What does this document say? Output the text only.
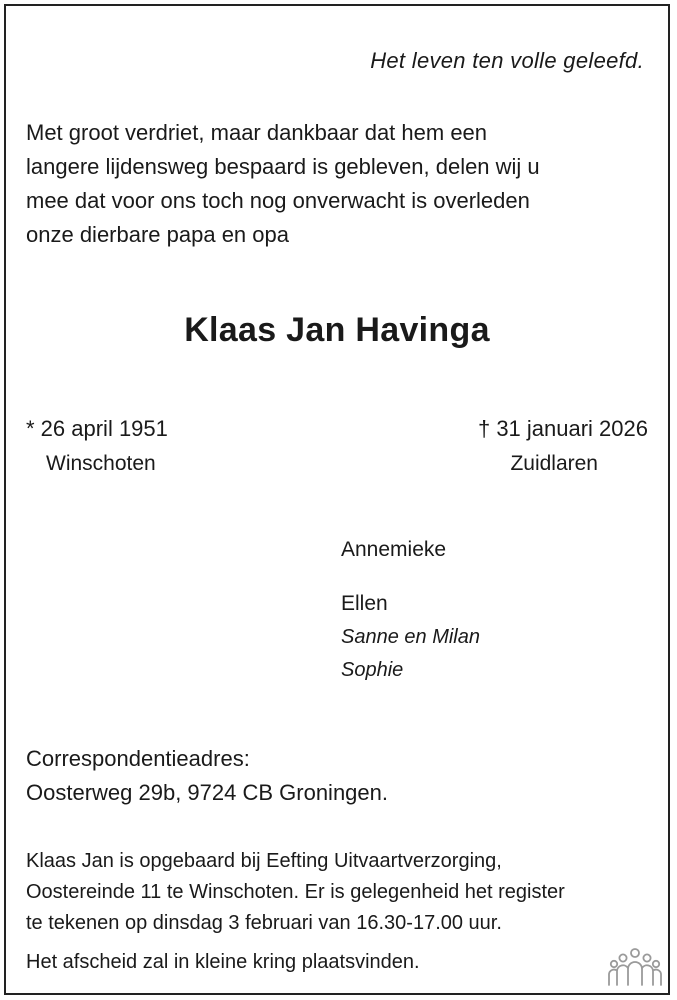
Het leven ten volle geleefd.
Met groot verdriet, maar dankbaar dat hem een
langere lijdensweg bespaard is gebleven, delen wij u
mee dat voor ons toch nog onverwacht is overleden
onze dierbare papa en opa
Klaas Jan Havinga
* 26 april 1951
Winschoten
† 31 januari 2026
Zuidlaren
Annemieke
Ellen
Sanne en Milan
Sophie
Correspondentieadres:
Oosterweg 29b, 9724 CB Groningen.
Klaas Jan is opgebaard bij Eefting Uitvaartverzorging,
Oostereinde 11 te Winschoten. Er is gelegenheid het register
te tekenen op dinsdag 3 februari van 16.30-17.00 uur.
Het afscheid zal in kleine kring plaatsvinden.
